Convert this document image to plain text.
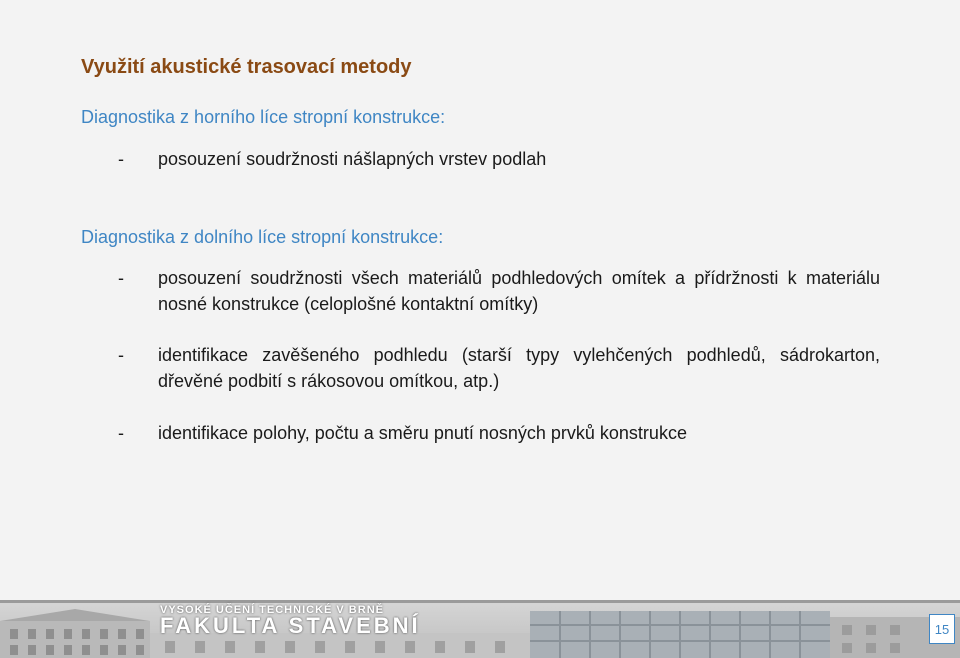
Využití akustické trasovací metody

Diagnostika z horního líce stropní konstrukce:

- posouzení soudržnosti nášlapných vrstev podlah

Diagnostika z dolního líce stropní konstrukce:

- posouzení soudržnosti všech materiálů podhledových omítek a přídržnosti k materiálu nosné konstrukce (celoplošné kontaktní omítky)
- identifikace zavěšeného podhledu (starší typy vylehčených podhledů, sádrokarton, dřevěné podbití s rákosovou omítkou, atp.)
- identifikace polohy, počtu a směru pnutí nosných prvků konstrukce
VYSOKÉ UČENÍ TECHNICKÉ V BRNĚ
FAKULTA STAVEBNÍ	15
